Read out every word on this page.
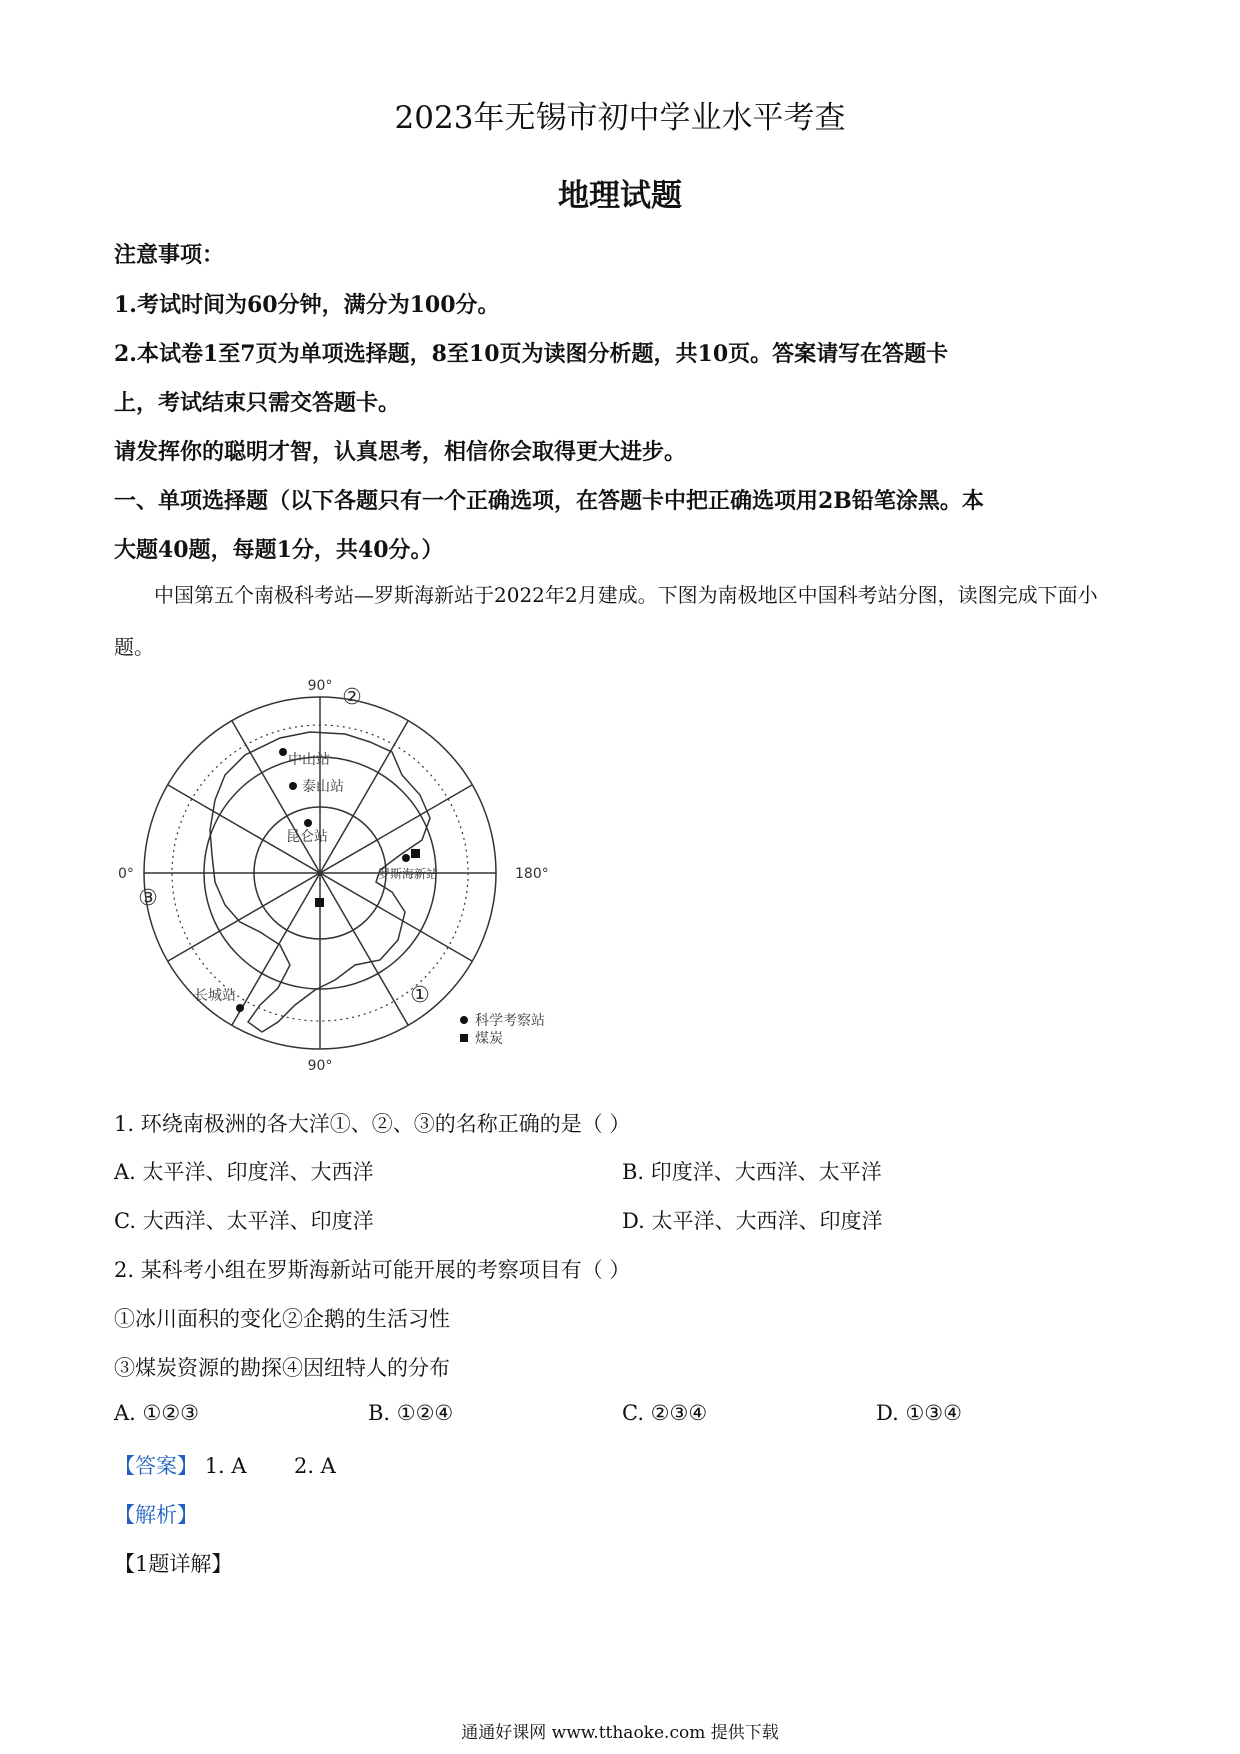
2023年无锡市初中学业水平考查
地理试题
注意事项：
1.考试时间为60分钟，满分为100分。
2.本试卷1至7页为单项选择题，8至10页为读图分析题，共10页。答案请写在答题卡
上，考试结束只需交答题卡。
请发挥你的聪明才智，认真思考，相信你会取得更大进步。
一、单项选择题（以下各题只有一个正确选项，在答题卡中把正确选项用2B铅笔涂黑。本
大题40题，每题1分，共40分。）
中国第五个南极科考站—罗斯海新站于2022年2月建成。下图为南极地区中国科考站分图，读图完成下面小题。
90°
90°
0°	180°
②
③
①
中山站
泰山站
昆仑站
罗斯海新站
长城站
科学考察站
煤炭
1. 环绕南极洲的各大洋①、②、③的名称正确的是（ ）
A. 太平洋、印度洋、大西洋	B. 印度洋、大西洋、太平洋
C. 大西洋、太平洋、印度洋	D. 太平洋、大西洋、印度洋
2. 某科考小组在罗斯海新站可能开展的考察项目有（ ）
①冰川面积的变化②企鹅的生活习性
③煤炭资源的勘探④因纽特人的分布
A. ①②③	B. ①②④	C. ②③④	D. ①③④
【答案】 1. A 2. A
【解析】
【1题详解】
通通好课网 www.tthaoke.com 提供下载
